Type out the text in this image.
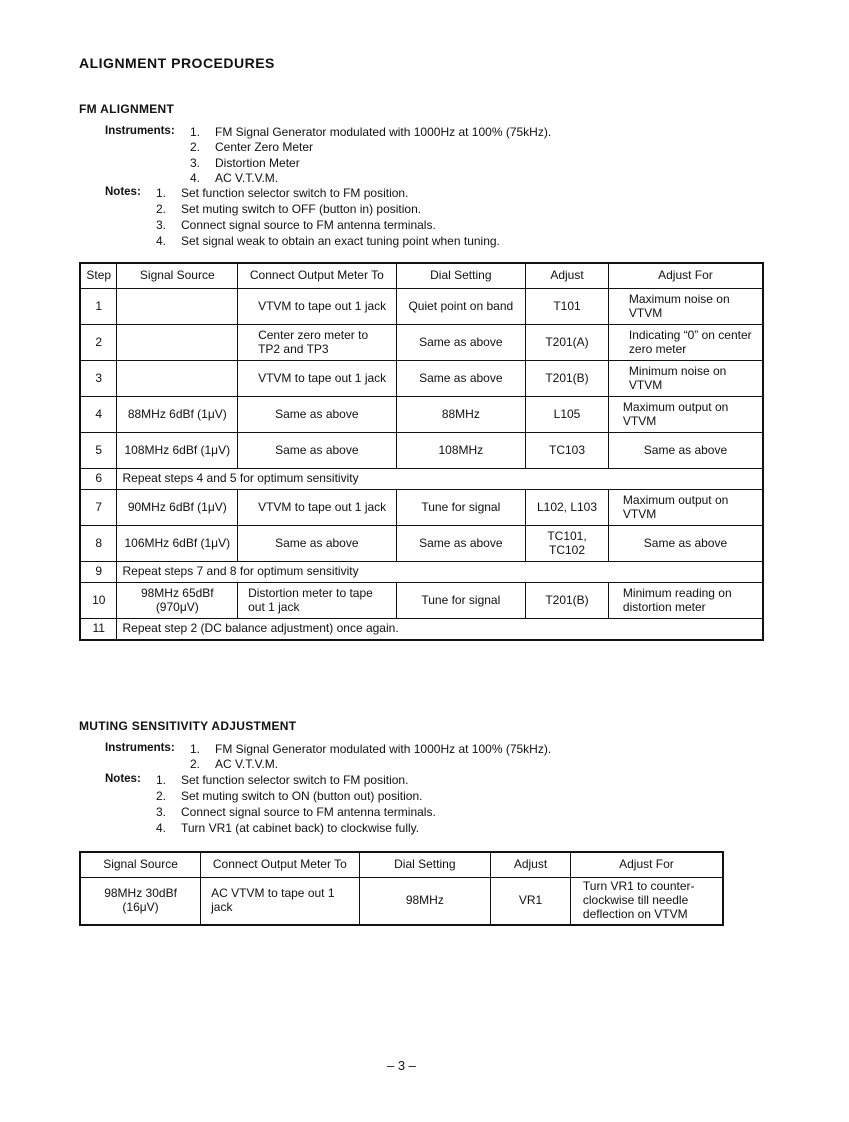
ALIGNMENT PROCEDURES
FM ALIGNMENT
Instruments: 1. FM Signal Generator modulated with 1000Hz at 100% (75kHz).
2. Center Zero Meter
3. Distortion Meter
4. AC V.T.V.M.
Notes: 1. Set function selector switch to FM position.
2. Set muting switch to OFF (button in) position.
3. Connect signal source to FM antenna terminals.
4. Set signal weak to obtain an exact tuning point when tuning.
Step	Signal Source	Connect Output Meter To	Dial Setting	Adjust	Adjust For
1		VTVM to tape out 1 jack	Quiet point on band	T101	Maximum noise on VTVM
2		Center zero meter to TP2 and TP3	Same as above	T201(A)	Indicating “0” on center zero meter
3		VTVM to tape out 1 jack	Same as above	T201(B)	Minimum noise on VTVM
4	88MHz 6dBf (1μV)	Same as above	88MHz	L105	Maximum output on VTVM
5	108MHz 6dBf (1μV)	Same as above	108MHz	TC103	Same as above
6	Repeat steps 4 and 5 for optimum sensitivity				
7	90MHz 6dBf (1μV)	VTVM to tape out 1 jack	Tune for signal	L102, L103	Maximum output on VTVM
8	106MHz 6dBf (1μV)	Same as above	Same as above	TC101, TC102	Same as above
9	Repeat steps 7 and 8 for optimum sensitivity				
10	98MHz 65dBf (970μV)	Distortion meter to tape out 1 jack	Tune for signal	T201(B)	Minimum reading on distortion meter
11	Repeat step 2 (DC balance adjustment) once again.				
MUTING SENSITIVITY ADJUSTMENT
Instruments: 1. FM Signal Generator modulated with 1000Hz at 100% (75kHz).
2. AC V.T.V.M.
Notes: 1. Set function selector switch to FM position.
2. Set muting switch to ON (button out) position.
3. Connect signal source to FM antenna terminals.
4. Turn VR1 (at cabinet back) to clockwise fully.
Signal Source	Connect Output Meter To	Dial Setting	Adjust	Adjust For
98MHz 30dBf (16μV)	AC VTVM to tape out 1 jack	98MHz	VR1	Turn VR1 to counter-clockwise till needle deflection on VTVM
– 3 –
